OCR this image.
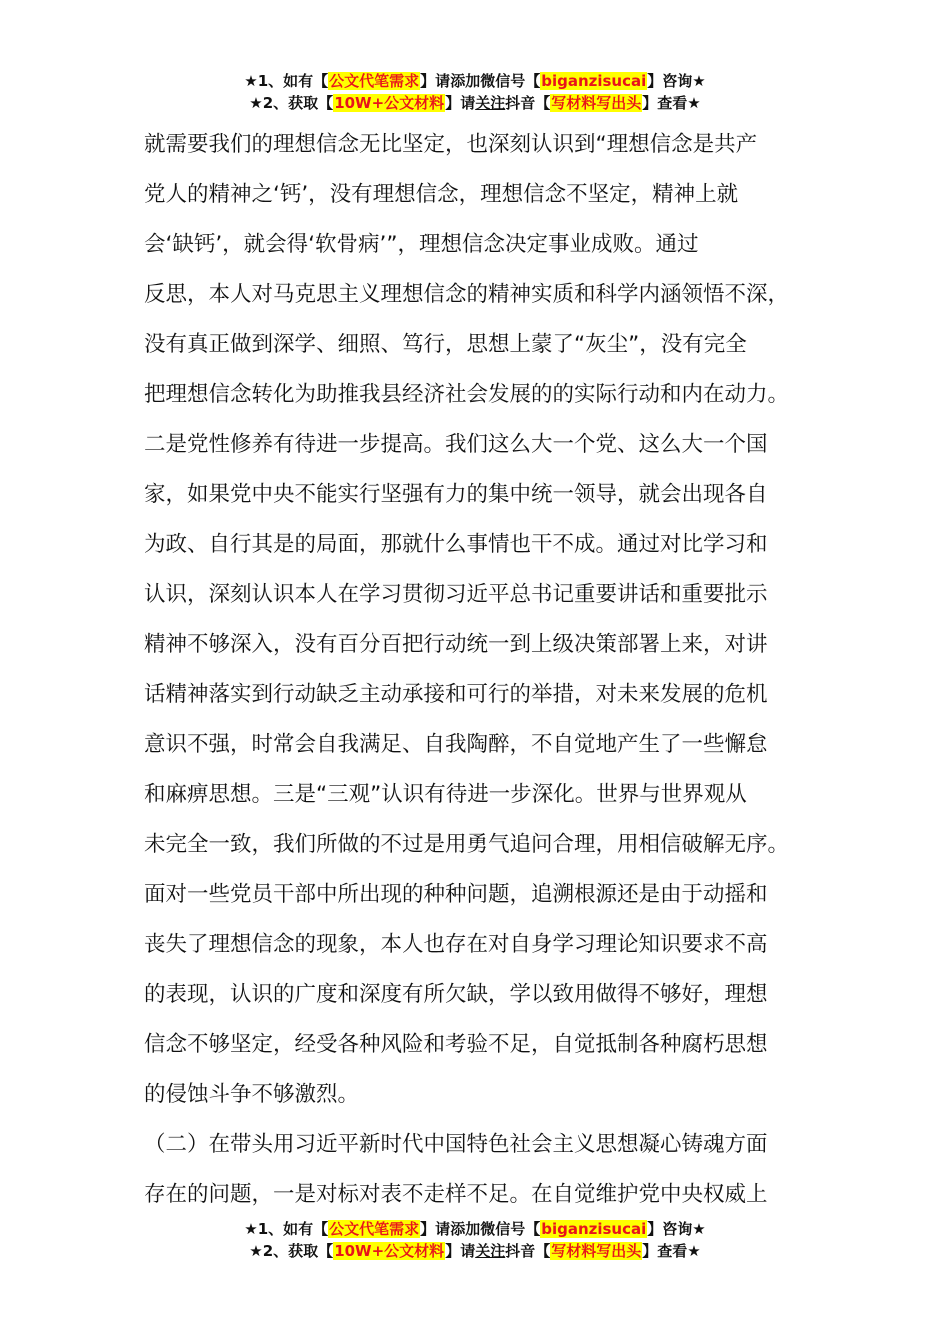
★1、如有【公文代笔需求】请添加微信号【biganzisucai】咨询★
★2、获取【10W+公文材料】请关注抖音【写材料写出头】查看★
就需要我们的理想信念无比坚定，也深刻认识到“理想信念是共产
党人的精神之‘钙’，没有理想信念，理想信念不坚定，精神上就
会‘缺钙’，就会得‘软骨病’”，理想信念决定事业成败。通过
反思，本人对马克思主义理想信念的精神实质和科学内涵领悟不深，
没有真正做到深学、细照、笃行，思想上蒙了“灰尘”，没有完全
把理想信念转化为助推我县经济社会发展的的实际行动和内在动力。
二是党性修养有待进一步提高。我们这么大一个党、这么大一个国
家，如果党中央不能实行坚强有力的集中统一领导，就会出现各自
为政、自行其是的局面，那就什么事情也干不成。通过对比学习和
认识，深刻认识本人在学习贯彻习近平总书记重要讲话和重要批示
精神不够深入，没有百分百把行动统一到上级决策部署上来，对讲
话精神落实到行动缺乏主动承接和可行的举措，对未来发展的危机
意识不强，时常会自我满足、自我陶醉，不自觉地产生了一些懈怠
和麻痹思想。三是“三观”认识有待进一步深化。世界与世界观从
未完全一致，我们所做的不过是用勇气追问合理，用相信破解无序。
面对一些党员干部中所出现的种种问题，追溯根源还是由于动摇和
丧失了理想信念的现象，本人也存在对自身学习理论知识要求不高
的表现，认识的广度和深度有所欠缺，学以致用做得不够好，理想
信念不够坚定，经受各种风险和考验不足，自觉抵制各种腐朽思想
的侵蚀斗争不够激烈。
（二）在带头用习近平新时代中国特色社会主义思想凝心铸魂方面
存在的问题，一是对标对表不走样不足。在自觉维护党中央权威上
★1、如有【公文代笔需求】请添加微信号【biganzisucai】咨询★
★2、获取【10W+公文材料】请关注抖音【写材料写出头】查看★
